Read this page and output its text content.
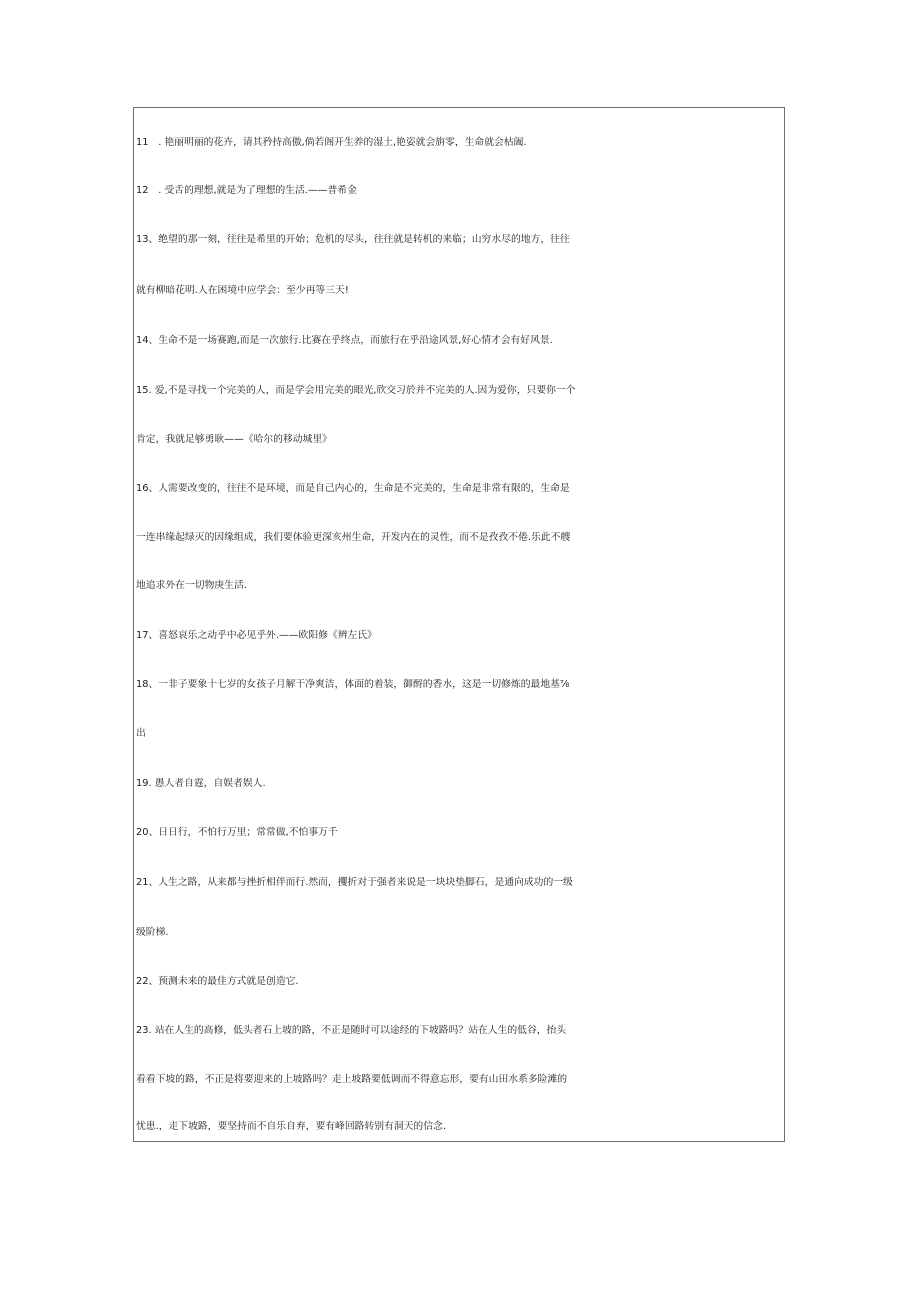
11　. 艳丽明丽的花卉，请其矜持高傲,倘若阁开生养的湿土,艳姿就会旃零，生命就会枯阖.
12　. 受舌的理想,就是为了理想的生活.——普希金
13、绝望的那一刻，往往是希里的开始；危机的尽头，往往就是转机的来临；山穷水尽的地方，往往
就有柳暗花明.人在困境中应学会：至少再等三天!
14、生命不是一场赛跑,而是一次旅行.比赛在乎终点，而旅行在乎沿途风景,好心情才会有好风景.
15. 爱,不是寻找一个完美的人，而是学会用完美的眼光,欣交习於并不完美的人.因为爱你，只要你一个
肯定，我就足够勇耿——《哈尔的移动城里》
16、人需要改变的，往往不是环境，而是自己内心的，生命是不完美的，生命是非常有限的，生命是
一连串缘起绿灭的因缘组成，我们要体验更深亥州生命，开发内在的灵性，而不是孜孜不倦.乐此不艘
地追求外在一切物庚生活.
17、喜怒哀乐之动乎中必见乎外.——欧阳修《辨左氏》
18、一非子要象十七岁的女孩子月解干净爽洁，体面的着装，御酹的香水，这是一切修炼的最地基⅞
出
19. 愚人者自霆，自娱者娱人.
20、日日行，不怕行万里；常常做,不怕事万千
21、人生之路，从来都与挫折相伴而行.然而，攫折对于强者来说是一块块垫脚石，是通向成功的一级
级阶梯.
22、预测未来的最佳方式就是创造它.
23. 站在人生的高修，低头者石上坡的路，不正是随时可以途经的下坡路吗？站在人生的低谷，抬头
看看下坡的路，不正是将要迎来的上坡路吗？走上坡路要低调而不得意忘形，要有山田水系多险滩的
忧患.，走下坡路，要坚持而不自乐自弃，要有峰回路转别有洞天的信念.
